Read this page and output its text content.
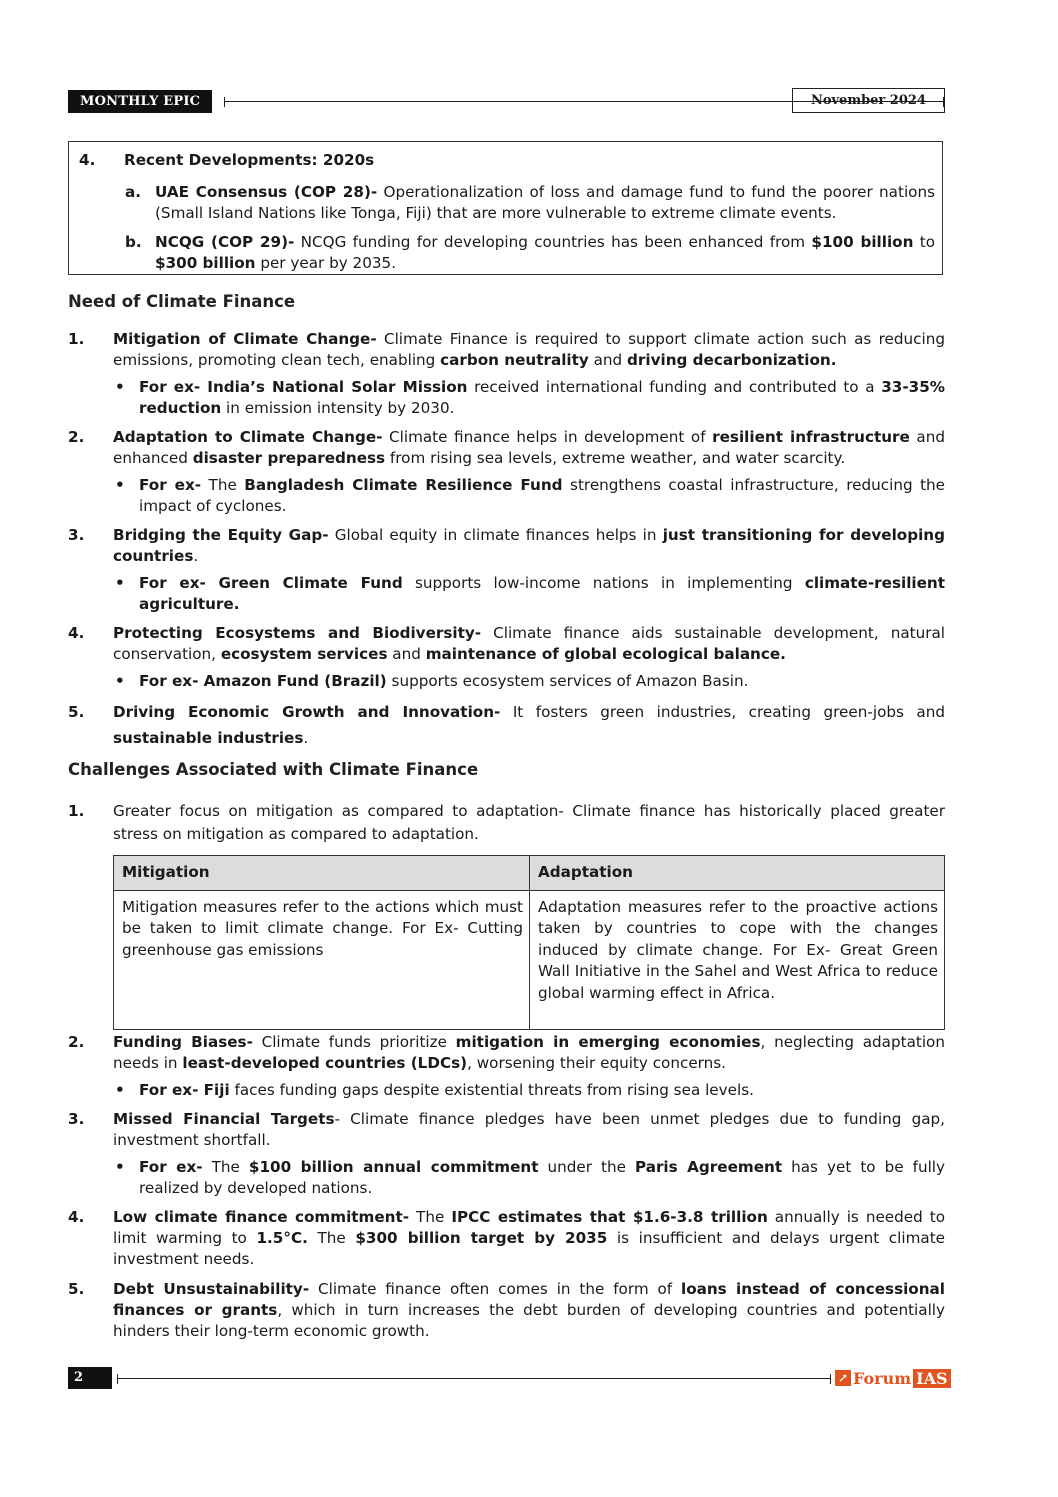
MONTHLY EPIC	November 2024
4. Recent Developments: 2020s
a. UAE Consensus (COP 28)- Operationalization of loss and damage fund to fund the poorer nations (Small Island Nations like Tonga, Fiji) that are more vulnerable to extreme climate events.
b. NCQG (COP 29)- NCQG funding for developing countries has been enhanced from $100 billion to $300 billion per year by 2035.
Need of Climate Finance
1. Mitigation of Climate Change- Climate Finance is required to support climate action such as reducing emissions, promoting clean tech, enabling carbon neutrality and driving decarbonization.
• For ex- India’s National Solar Mission received international funding and contributed to a 33-35% reduction in emission intensity by 2030.
2. Adaptation to Climate Change- Climate finance helps in development of resilient infrastructure and enhanced disaster preparedness from rising sea levels, extreme weather, and water scarcity.
• For ex- The Bangladesh Climate Resilience Fund strengthens coastal infrastructure, reducing the impact of cyclones.
3. Bridging the Equity Gap- Global equity in climate finances helps in just transitioning for developing countries.
• For ex- Green Climate Fund supports low-income nations in implementing climate-resilient agriculture.
4. Protecting Ecosystems and Biodiversity- Climate finance aids sustainable development, natural conservation, ecosystem services and maintenance of global ecological balance.
• For ex- Amazon Fund (Brazil) supports ecosystem services of Amazon Basin.
5. Driving Economic Growth and Innovation- It fosters green industries, creating green-jobs and sustainable industries.
Challenges Associated with Climate Finance
1. Greater focus on mitigation as compared to adaptation- Climate finance has historically placed greater stress on mitigation as compared to adaptation.
Mitigation	Adaptation
Mitigation measures refer to the actions which must be taken to limit climate change. For Ex- Cutting greenhouse gas emissions	Adaptation measures refer to the proactive actions taken by countries to cope with the changes induced by climate change. For Ex- Great Green Wall Initiative in the Sahel and West Africa to reduce global warming effect in Africa.
2. Funding Biases- Climate funds prioritize mitigation in emerging economies, neglecting adaptation needs in least-developed countries (LDCs), worsening their equity concerns.
• For ex- Fiji faces funding gaps despite existential threats from rising sea levels.
3. Missed Financial Targets- Climate finance pledges have been unmet pledges due to funding gap, investment shortfall.
• For ex- The $100 billion annual commitment under the Paris Agreement has yet to be fully realized by developed nations.
4. Low climate finance commitment- The IPCC estimates that $1.6-3.8 trillion annually is needed to limit warming to 1.5°C. The $300 billion target by 2035 is insufficient and delays urgent climate investment needs.
5. Debt Unsustainability- Climate finance often comes in the form of loans instead of concessional finances or grants, which in turn increases the debt burden of developing countries and potentially hinders their long-term economic growth.
2	↗ Forum IAS
